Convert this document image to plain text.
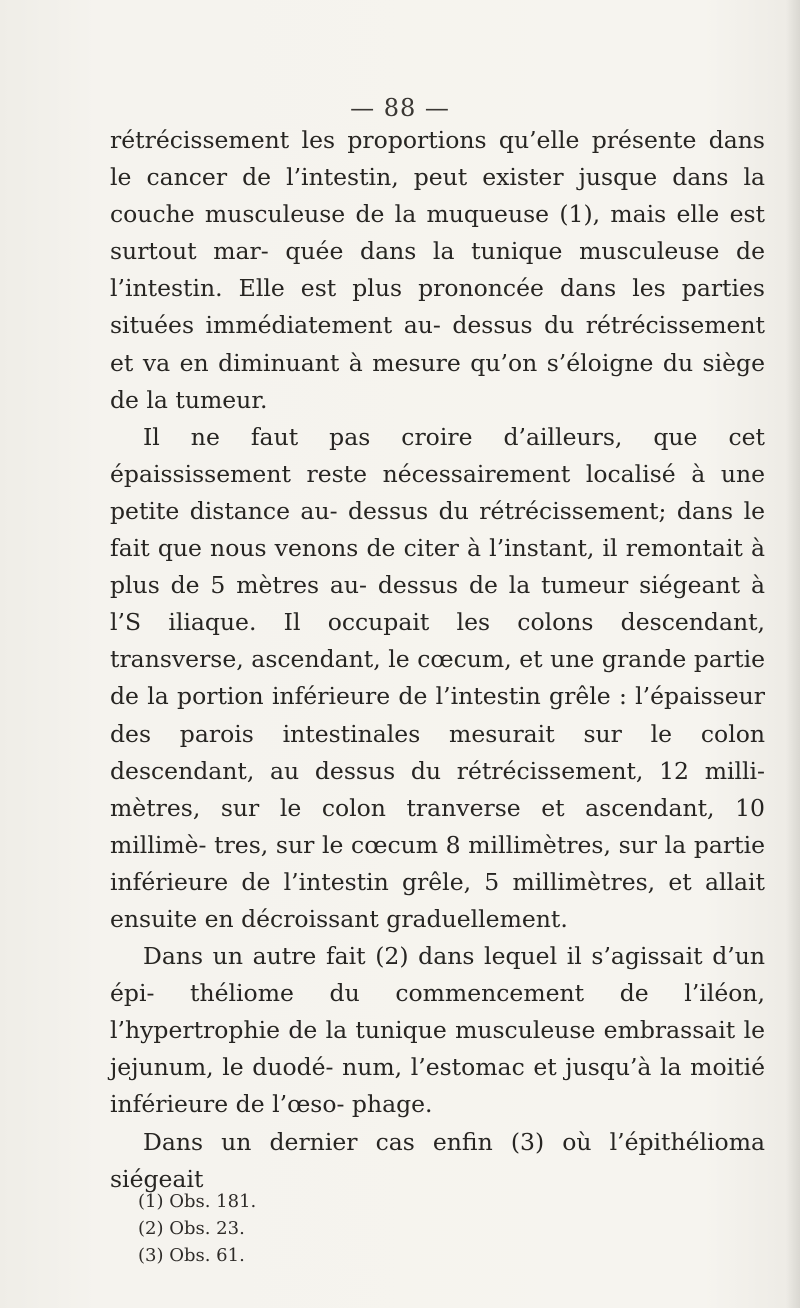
— 88 —

rétrécissement les proportions qu’elle présente dans le cancer de l’intestin, peut exister jusque dans la couche musculeuse de la muqueuse (1), mais elle est surtout mar- quée dans la tunique musculeuse de l’intestin. Elle est plus prononcée dans les parties situées immédiatement au- dessus du rétrécissement et va en diminuant à mesure qu’on s’éloigne du siège de la tumeur.

Il ne faut pas croire d’ailleurs, que cet épaississement reste nécessairement localisé à une petite distance au- dessus du rétrécissement; dans le fait que nous venons de citer à l’instant, il remontait à plus de 5 mètres au- dessus de la tumeur siégeant à l’S iliaque. Il occupait les colons descendant, transverse, ascendant, le cœcum, et une grande partie de la portion inférieure de l’intestin grêle : l’épaisseur des parois intestinales mesurait sur le colon descendant, au dessus du rétrécissement, 12 milli- mètres, sur le colon tranverse et ascendant, 10 millimè- tres, sur le cœcum 8 millimètres, sur la partie inférieure de l’intestin grêle, 5 millimètres, et allait ensuite en décroissant graduellement.

Dans un autre fait (2) dans lequel il s’agissait d’un épi- théliome du commencement de l’iléon, l’hypertrophie de la tunique musculeuse embrassait le jejunum, le duodé- num, l’estomac et jusqu’à la moitié inférieure de l’œso- phage.

Dans un dernier cas enfin (3) où l’épithélioma siégeait

(1) Obs. 181.
(2) Obs. 23.
(3) Obs. 61.
